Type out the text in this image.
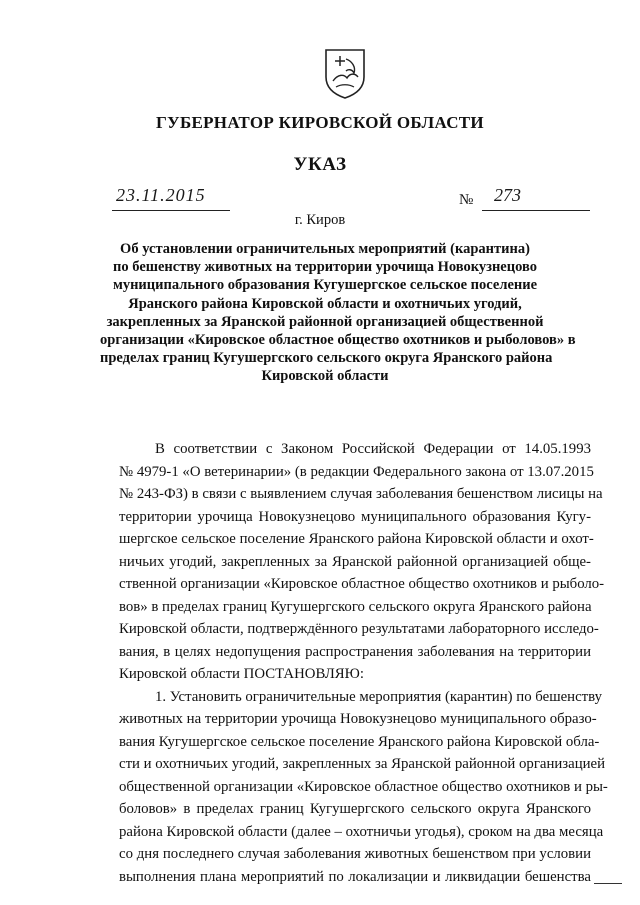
ГУБЕРНАТОР КИРОВСКОЙ ОБЛАСТИ
УКАЗ
23.11.2015	№ 273
г. Киров
Об установлении ограничительных мероприятий (карантина)
по бешенству животных на территории урочища Новокузнецово
муниципального образования Кугушергское сельское поселение
Яранского района Кировской области и охотничьих угодий,
закрепленных за Яранской районной организацией общественной
организации «Кировское областное общество охотников и рыболовов» в
пределах границ Кугушергского сельского округа Яранского района
Кировской области
В соответствии с Законом Российской Федерации от 14.05.1993
№ 4979-1 «О ветеринарии» (в редакции Федерального закона от 13.07.2015
№ 243-ФЗ) в связи с выявлением случая заболевания бешенством лисицы на
территории урочища Новокузнецово муниципального образования Кугу-
шергское сельское поселение Яранского района Кировской области и охот-
ничьих угодий, закрепленных за Яранской районной организацией обще-
ственной организации «Кировское областное общество охотников и рыболо-
вов» в пределах границ Кугушергского сельского округа Яранского района
Кировской области, подтверждённого результатами лабораторного исследо-
вания, в целях недопущения распространения заболевания на территории
Кировской области ПОСТАНОВЛЯЮ:
1. Установить ограничительные мероприятия (карантин) по бешенству
животных на территории урочища Новокузнецово муниципального образо-
вания Кугушергское сельское поселение Яранского района Кировской обла-
сти и охотничьих угодий, закрепленных за Яранской районной организацией
общественной организации «Кировское областное общество охотников и ры-
боловов» в пределах границ Кугушергского сельского округа Яранского
района Кировской области (далее – охотничьи угодья), сроком на два месяца
со дня последнего случая заболевания животных бешенством при условии
выполнения плана мероприятий по локализации и ликвидации бешенства
